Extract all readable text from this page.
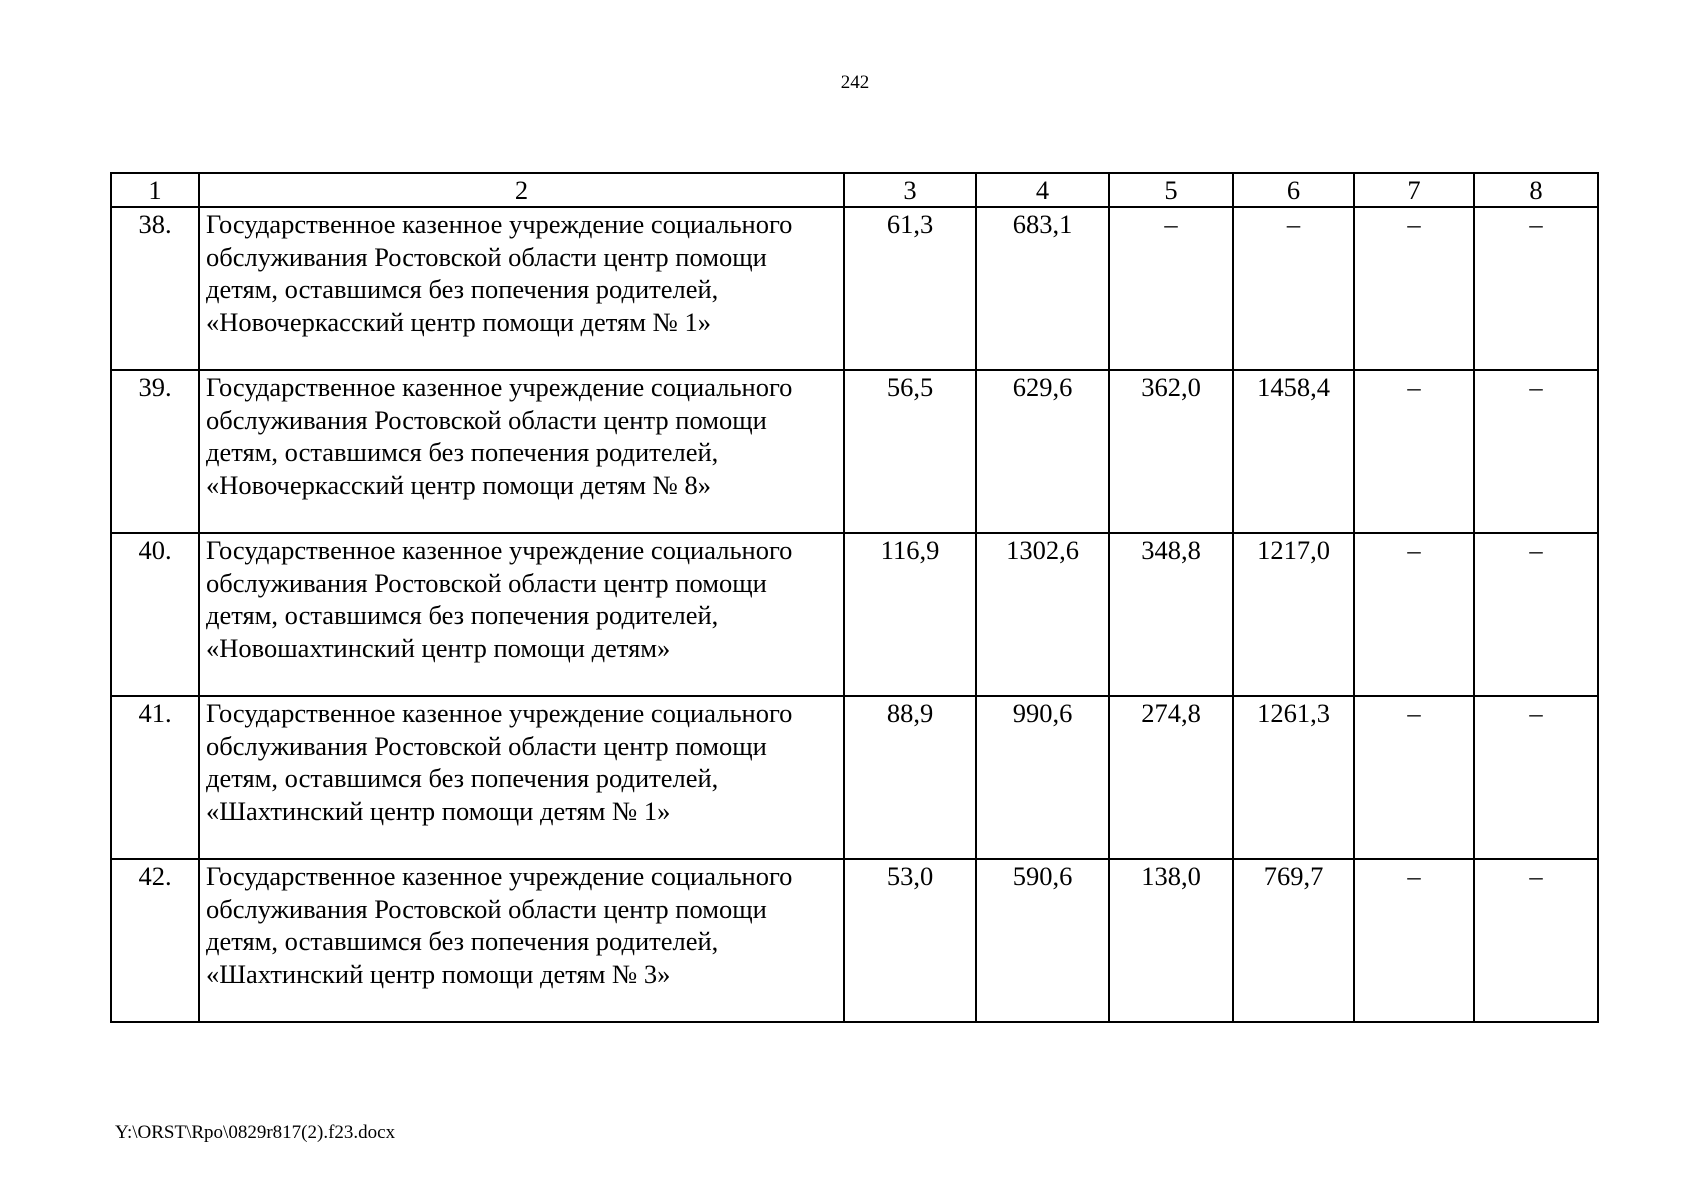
242
1	2	3	4	5	6	7	8
38.	Государственное казенное учреждение социального обслуживания Ростовской области центр помощи детям, оставшимся без попечения родителей, «Новочеркасский центр помощи детям № 1»	61,3	683,1	–	–	–	–
39.	Государственное казенное учреждение социального обслуживания Ростовской области центр помощи детям, оставшимся без попечения родителей, «Новочеркасский центр помощи детям № 8»	56,5	629,6	362,0	1458,4	–	–
40.	Государственное казенное учреждение социального обслуживания Ростовской области центр помощи детям, оставшимся без попечения родителей, «Новошахтинский центр помощи детям»	116,9	1302,6	348,8	1217,0	–	–
41.	Государственное казенное учреждение социального обслуживания Ростовской области центр помощи детям, оставшимся без попечения родителей, «Шахтинский центр помощи детям № 1»	88,9	990,6	274,8	1261,3	–	–
42.	Государственное казенное учреждение социального обслуживания Ростовской области центр помощи детям, оставшимся без попечения родителей, «Шахтинский центр помощи детям № 3»	53,0	590,6	138,0	769,7	–	–
Y:\ORST\Rpo\0829r817(2).f23.docx
